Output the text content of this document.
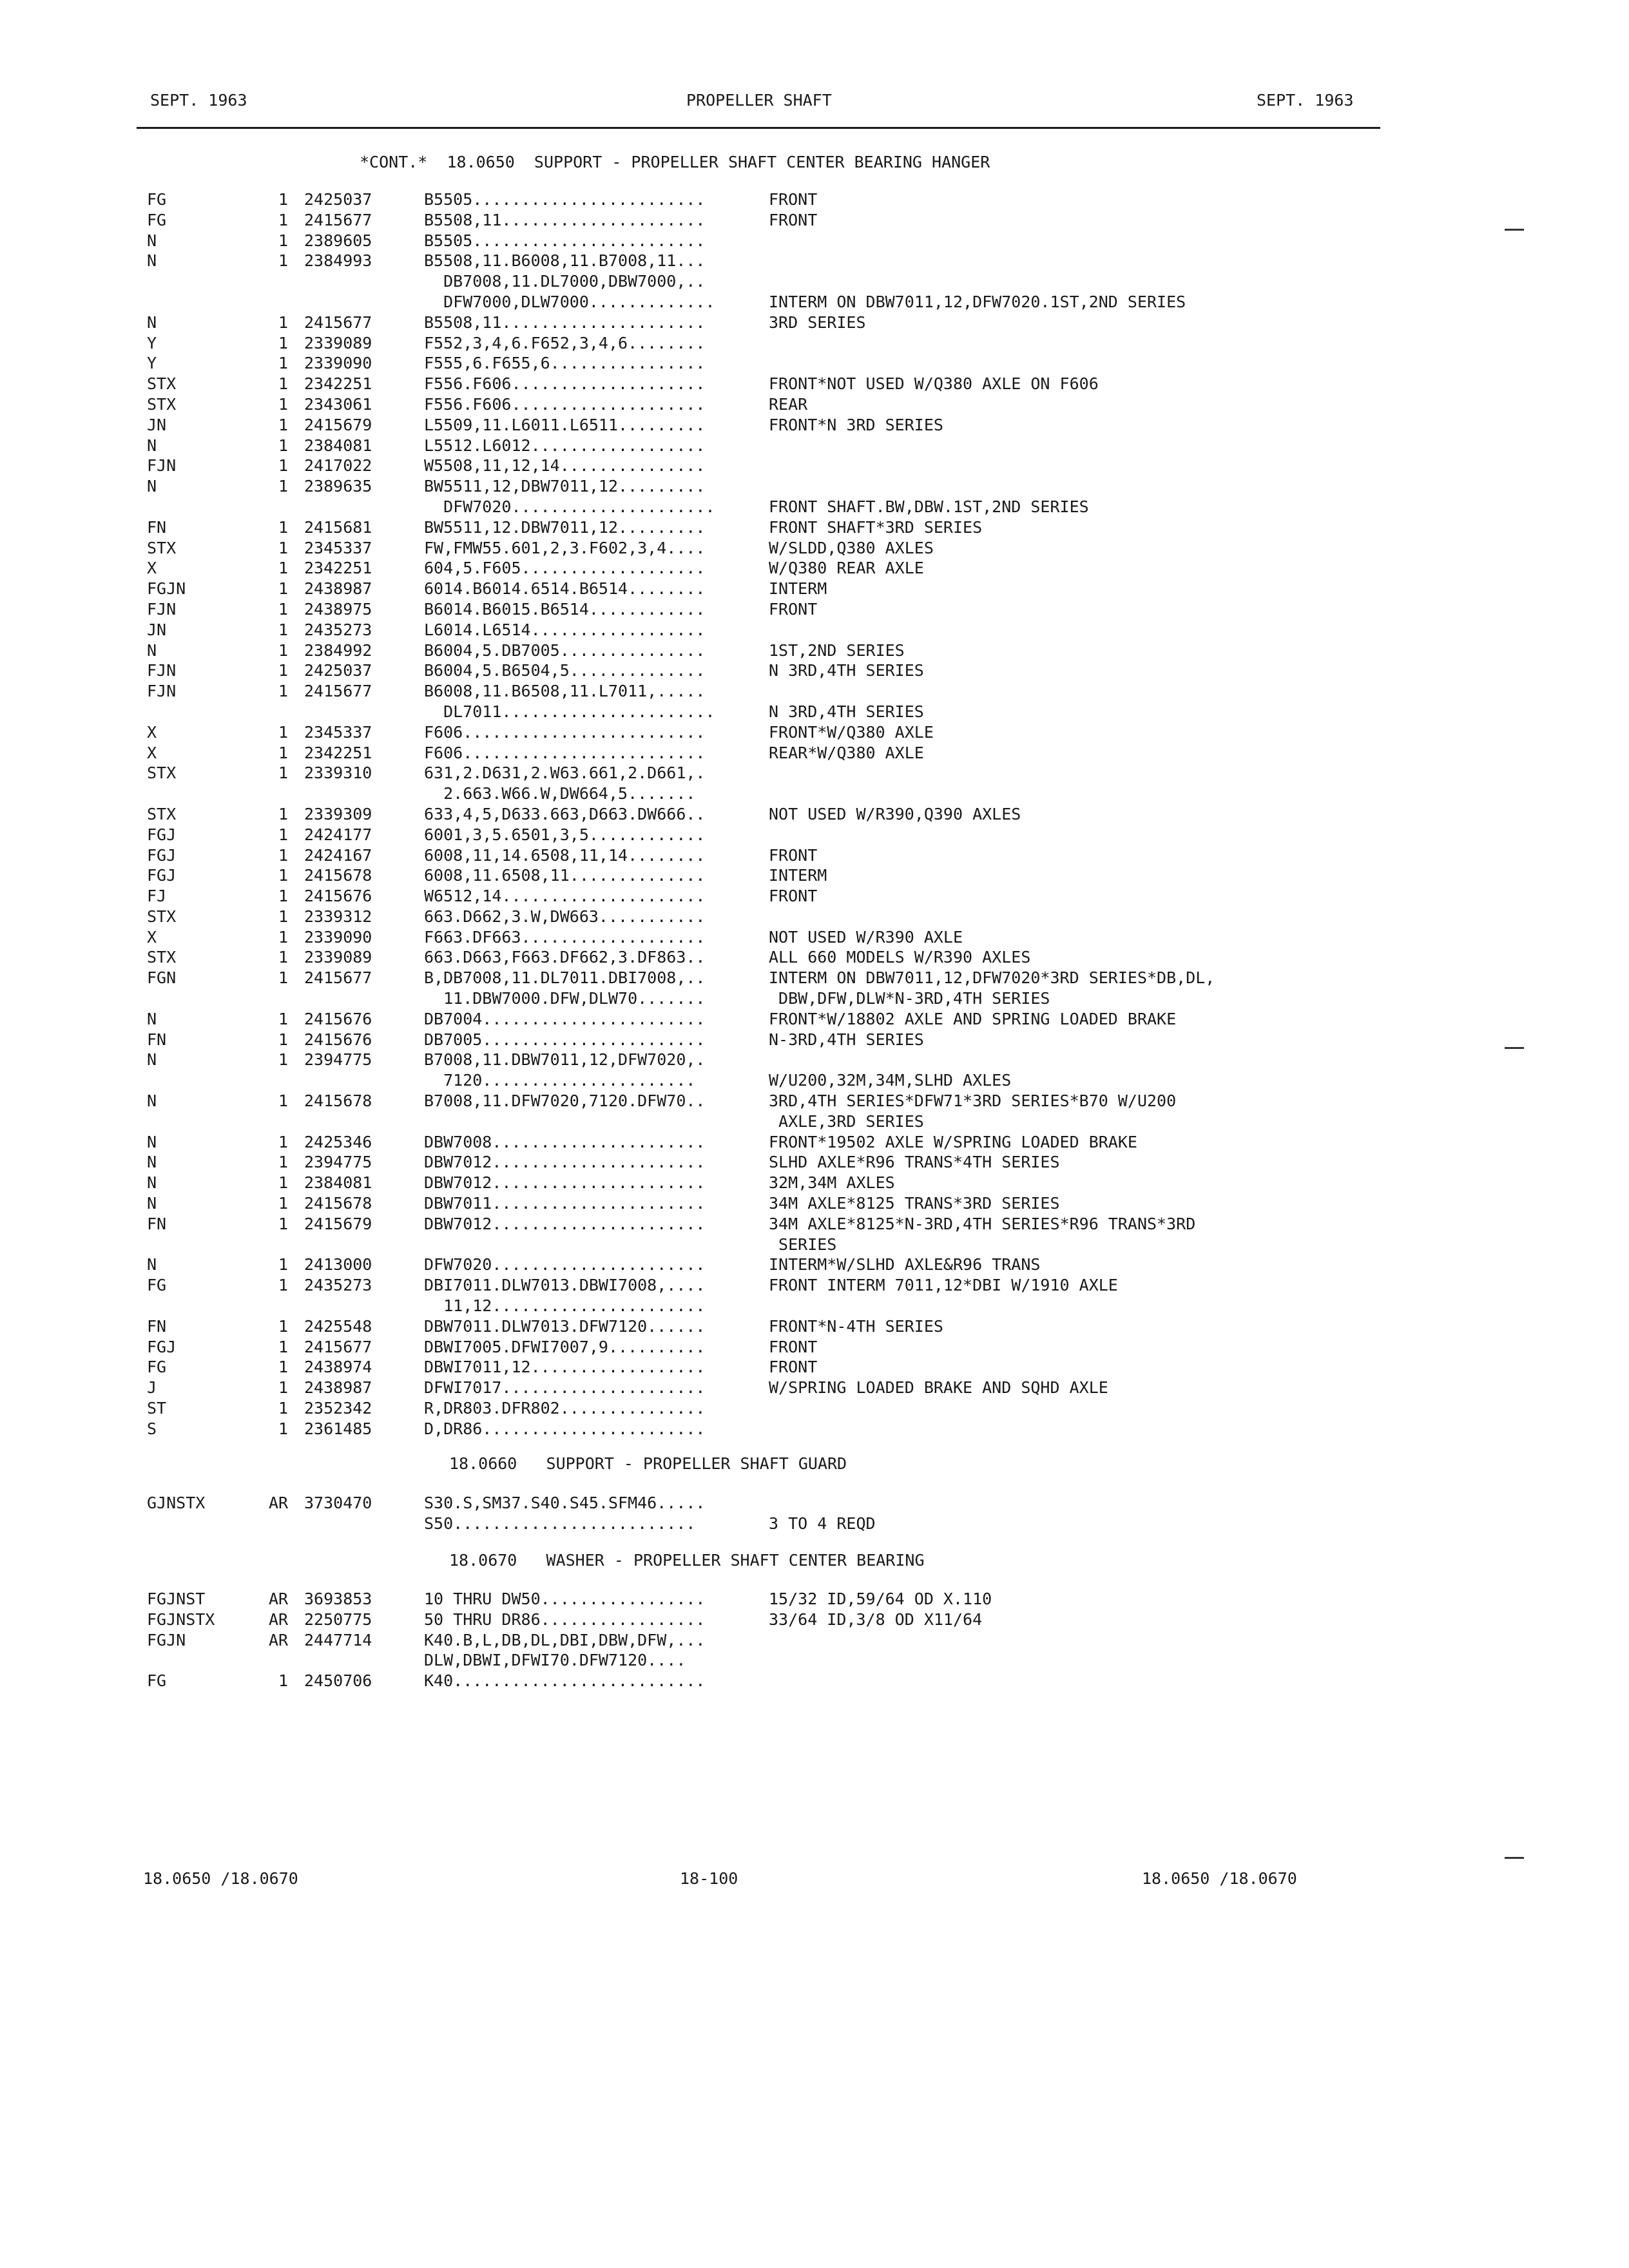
SEPT. 1963	PROPELLER SHAFT	SEPT. 1963
*CONT.*  18.0650  SUPPORT - PROPELLER SHAFT CENTER BEARING HANGER
FG	1 2425037	B5505........................	FRONT
FG	1 2415677	B5508,11.....................	FRONT
N	1 2389605	B5505........................
N	1 2384993	B5508,11.B6008,11.B7008,11...
DB7008,11.DL7000,DBW7000,..
DFW7000,DLW7000.............	INTERM ON DBW7011,12,DFW7020.1ST,2ND SERIES
N	1 2415677	B5508,11.....................	3RD SERIES
Y	1 2339089	F552,3,4,6.F652,3,4,6........
Y	1 2339090	F555,6.F655,6................
STX	1 2342251	F556.F606....................	FRONT*NOT USED W/Q380 AXLE ON F606
STX	1 2343061	F556.F606....................	REAR
JN	1 2415679	L5509,11.L6011.L6511.........	FRONT*N 3RD SERIES
N	1 2384081	L5512.L6012..................
FJN	1 2417022	W5508,11,12,14...............
N	1 2389635	BW5511,12,DBW7011,12.........
DFW7020.....................	FRONT SHAFT.BW,DBW.1ST,2ND SERIES
FN	1 2415681	BW5511,12.DBW7011,12.........	FRONT SHAFT*3RD SERIES
STX	1 2345337	FW,FMW55.601,2,3.F602,3,4....	W/SLDD,Q380 AXLES
X	1 2342251	604,5.F605...................	W/Q380 REAR AXLE
FGJN	1 2438987	6014.B6014.6514.B6514........	INTERM
FJN	1 2438975	B6014.B6015.B6514............	FRONT
JN	1 2435273	L6014.L6514..................
N	1 2384992	B6004,5.DB7005...............	1ST,2ND SERIES
FJN	1 2425037	B6004,5.B6504,5..............	N 3RD,4TH SERIES
FJN	1 2415677	B6008,11.B6508,11.L7011,.....
DL7011......................	N 3RD,4TH SERIES
X	1 2345337	F606.........................	FRONT*W/Q380 AXLE
X	1 2342251	F606.........................	REAR*W/Q380 AXLE
STX	1 2339310	631,2.D631,2.W63.661,2.D661,.
2.663.W66.W,DW664,5.......
STX	1 2339309	633,4,5,D633.663,D663.DW666..	NOT USED W/R390,Q390 AXLES
FGJ	1 2424177	6001,3,5.6501,3,5............
FGJ	1 2424167	6008,11,14.6508,11,14........	FRONT
FGJ	1 2415678	6008,11.6508,11..............	INTERM
FJ	1 2415676	W6512,14.....................	FRONT
STX	1 2339312	663.D662,3.W,DW663...........
X	1 2339090	F663.DF663...................	NOT USED W/R390 AXLE
STX	1 2339089	663.D663,F663.DF662,3.DF863..	ALL 660 MODELS W/R390 AXLES
FGN	1 2415677	B,DB7008,11.DL7011.DBI7008,..	INTERM ON DBW7011,12,DFW7020*3RD SERIES*DB,DL,
11.DBW7000.DFW,DLW70.......	DBW,DFW,DLW*N-3RD,4TH SERIES
N	1 2415676	DB7004.......................	FRONT*W/18802 AXLE AND SPRING LOADED BRAKE
FN	1 2415676	DB7005.......................	N-3RD,4TH SERIES
N	1 2394775	B7008,11.DBW7011,12,DFW7020,.
7120......................	W/U200,32M,34M,SLHD AXLES
N	1 2415678	B7008,11.DFW7020,7120.DFW70..	3RD,4TH SERIES*DFW71*3RD SERIES*B70 W/U200
AXLE,3RD SERIES
N	1 2425346	DBW7008......................	FRONT*19502 AXLE W/SPRING LOADED BRAKE
N	1 2394775	DBW7012......................	SLHD AXLE*R96 TRANS*4TH SERIES
N	1 2384081	DBW7012......................	32M,34M AXLES
N	1 2415678	DBW7011......................	34M AXLE*8125 TRANS*3RD SERIES
FN	1 2415679	DBW7012......................	34M AXLE*8125*N-3RD,4TH SERIES*R96 TRANS*3RD
SERIES
N	1 2413000	DFW7020......................	INTERM*W/SLHD AXLE&R96 TRANS
FG	1 2435273	DBI7011.DLW7013.DBWI7008,....	FRONT INTERM 7011,12*DBI W/1910 AXLE
11,12......................
FN	1 2425548	DBW7011.DLW7013.DFW7120......	FRONT*N-4TH SERIES
FGJ	1 2415677	DBWI7005.DFWI7007,9..........	FRONT
FG	1 2438974	DBWI7011,12..................	FRONT
J	1 2438987	DFWI7017.....................	W/SPRING LOADED BRAKE AND SQHD AXLE
ST	1 2352342	R,DR803.DFR802...............
S	1 2361485	D,DR86.......................
18.0660   SUPPORT - PROPELLER SHAFT GUARD
GJNSTX	AR 3730470	S30.S,SM37.S40.S45.SFM46.....
S50.........................	3 TO 4 REQD
18.0670   WASHER - PROPELLER SHAFT CENTER BEARING
FGJNST	AR 3693853	10 THRU DW50.................	15/32 ID,59/64 OD X.110
FGJNSTX	AR 2250775	50 THRU DR86.................	33/64 ID,3/8 OD X11/64
FGJN	AR 2447714	K40.B,L,DB,DL,DBI,DBW,DFW,...
DLW,DBWI,DFWI70.DFW7120....
FG	1 2450706	K40..........................
18.0650 /18.0670	18-100	18.0650 /18.0670
